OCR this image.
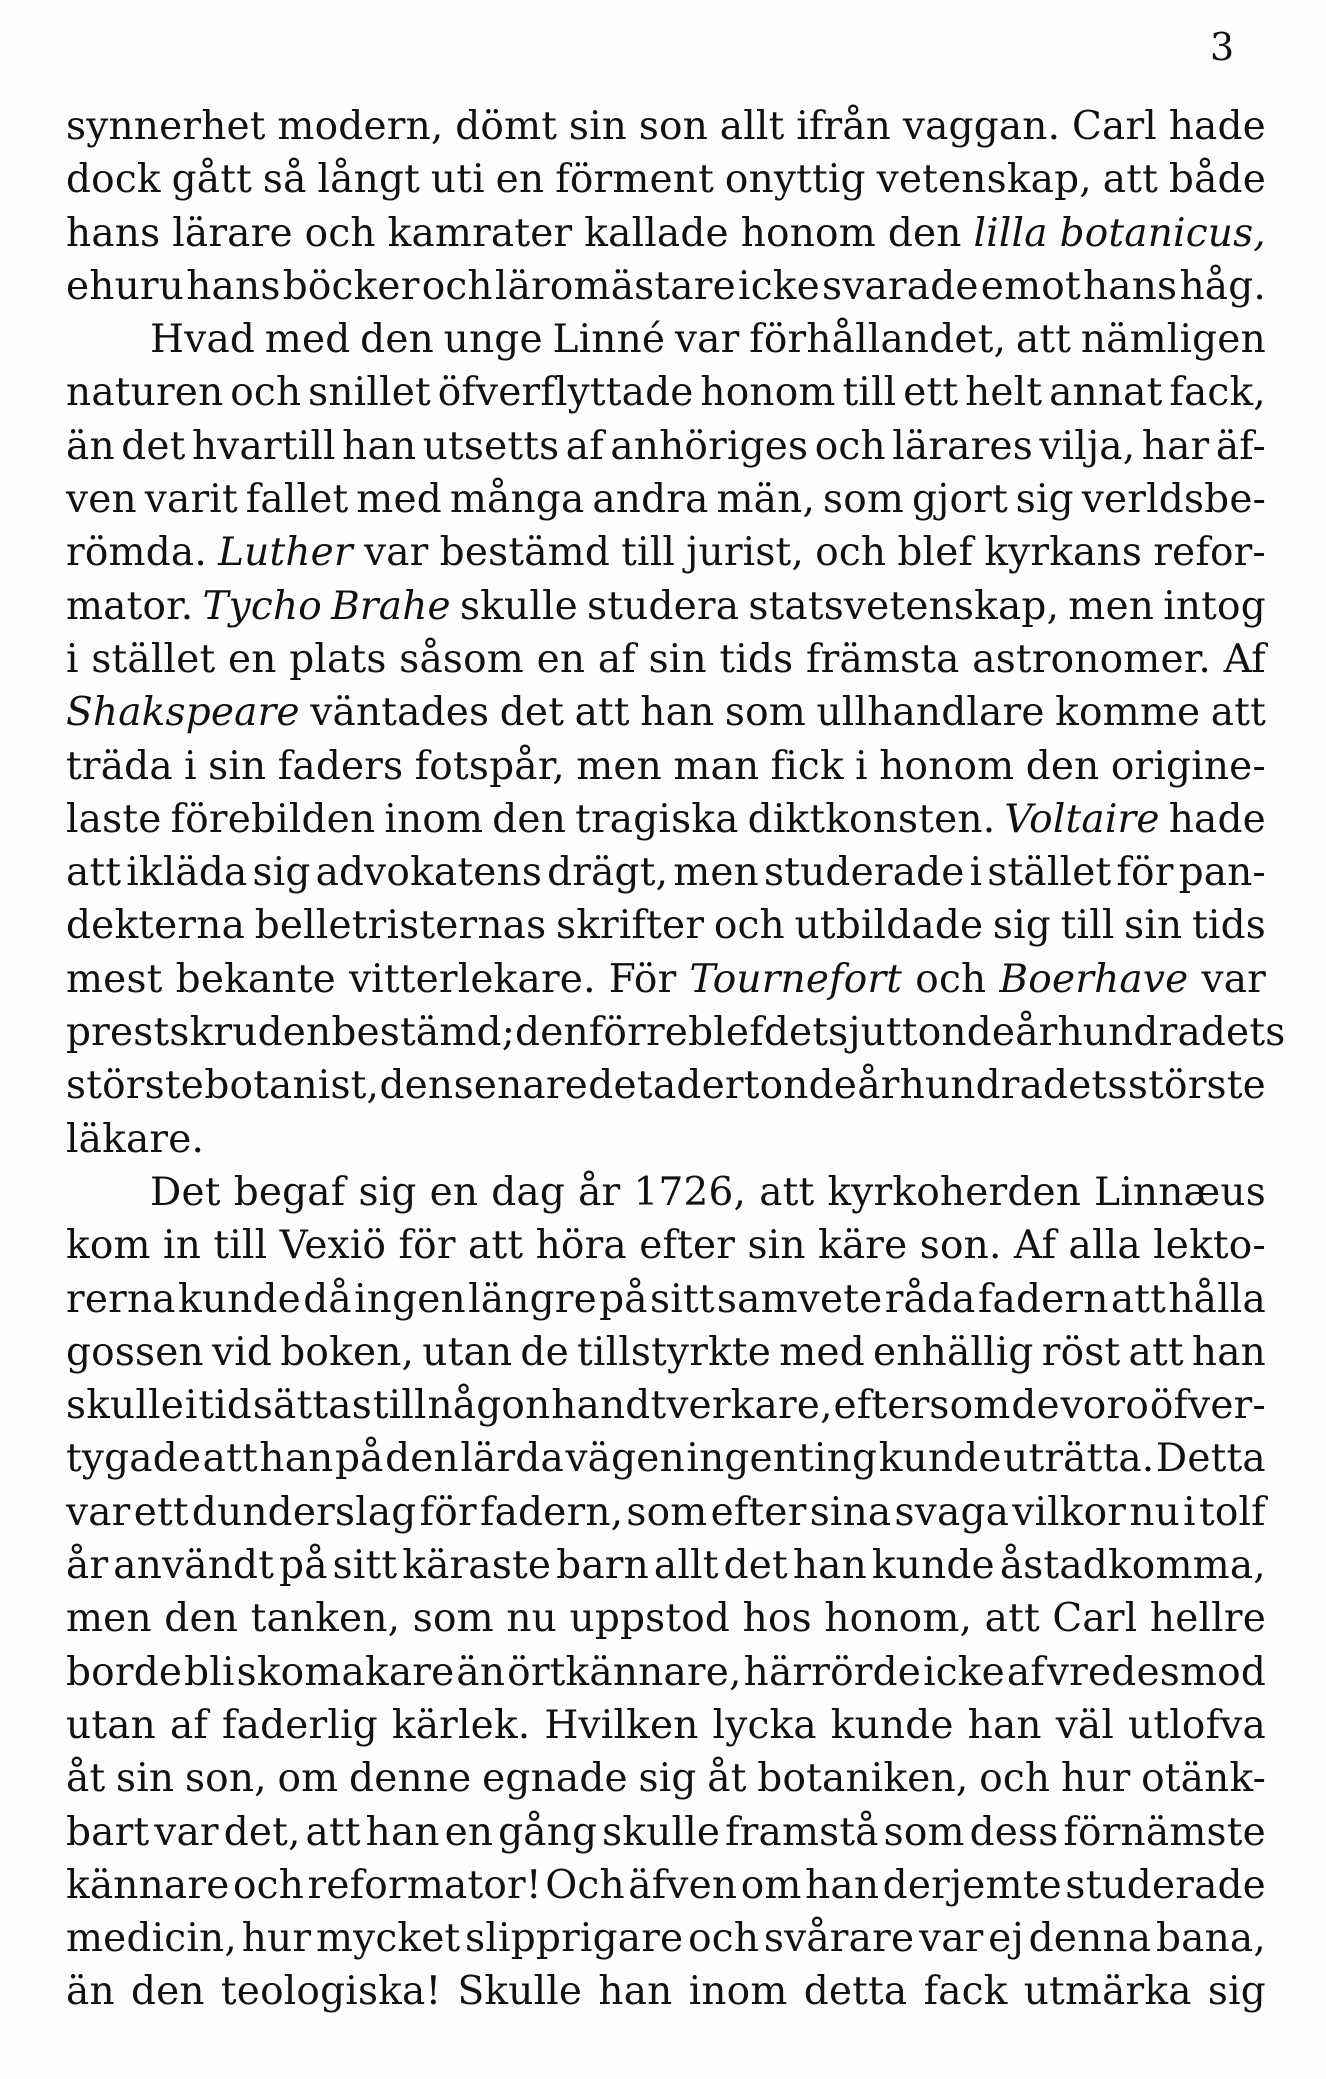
3
synnerhet modern, dömt sin son allt ifrån vaggan. Carl hade
dock gått så långt uti en förment onyttig vetenskap, att både
hans lärare och kamrater kallade honom den lilla botanicus,
ehuru hans böcker och läromästare icke svarade emot hans håg.
Hvad med den unge Linné var förhållandet, att nämligen
naturen och snillet öfverflyttade honom till ett helt annat fack,
än det hvartill han utsetts af anhöriges och lärares vilja, har äf-
ven varit fallet med många andra män, som gjort sig verldsbe-
römda. Luther var bestämd till jurist, och blef kyrkans refor-
mator. Tycho Brahe skulle studera statsvetenskap, men intog
i stället en plats såsom en af sin tids främsta astronomer. Af
Shakspeare väntades det att han som ullhandlare komme att
träda i sin faders fotspår, men man fick i honom den origine-
laste förebilden inom den tragiska diktkonsten. Voltaire hade
att ikläda sig advokatens drägt, men studerade i stället för pan-
dekterna belletristernas skrifter och utbildade sig till sin tids
mest bekante vitterlekare. För Tournefort och Boerhave var
prestskruden bestämd; den förre blef det sjuttonde århundradets
störste botanist, den senare det adertonde århundradets störste
läkare.
Det begaf sig en dag år 1726, att kyrkoherden Linnæus
kom in till Vexiö för att höra efter sin käre son. Af alla lekto-
rerna kunde då ingen längre på sitt samvete råda fadern att hålla
gossen vid boken, utan de tillstyrkte med enhällig röst att han
skulle i tid sättas till någon handtverkare, eftersom de voro öfver-
tygade att han på den lärda vägen ingenting kunde uträtta. Detta
var ett dunderslag för fadern, som efter sina svaga vilkor nu i tolf
år användt på sitt käraste barn allt det han kunde åstadkomma,
men den tanken, som nu uppstod hos honom, att Carl hellre
borde bli skomakare än örtkännare, härrörde icke af vredesmod
utan af faderlig kärlek. Hvilken lycka kunde han väl utlofva
åt sin son, om denne egnade sig åt botaniken, och hur otänk-
bart var det, att han en gång skulle framstå som dess förnämste
kännare och reformator! Och äfven om han derjemte studerade
medicin, hur mycket slipprigare och svårare var ej denna bana,
än den teologiska! Skulle han inom detta fack utmärka sig
